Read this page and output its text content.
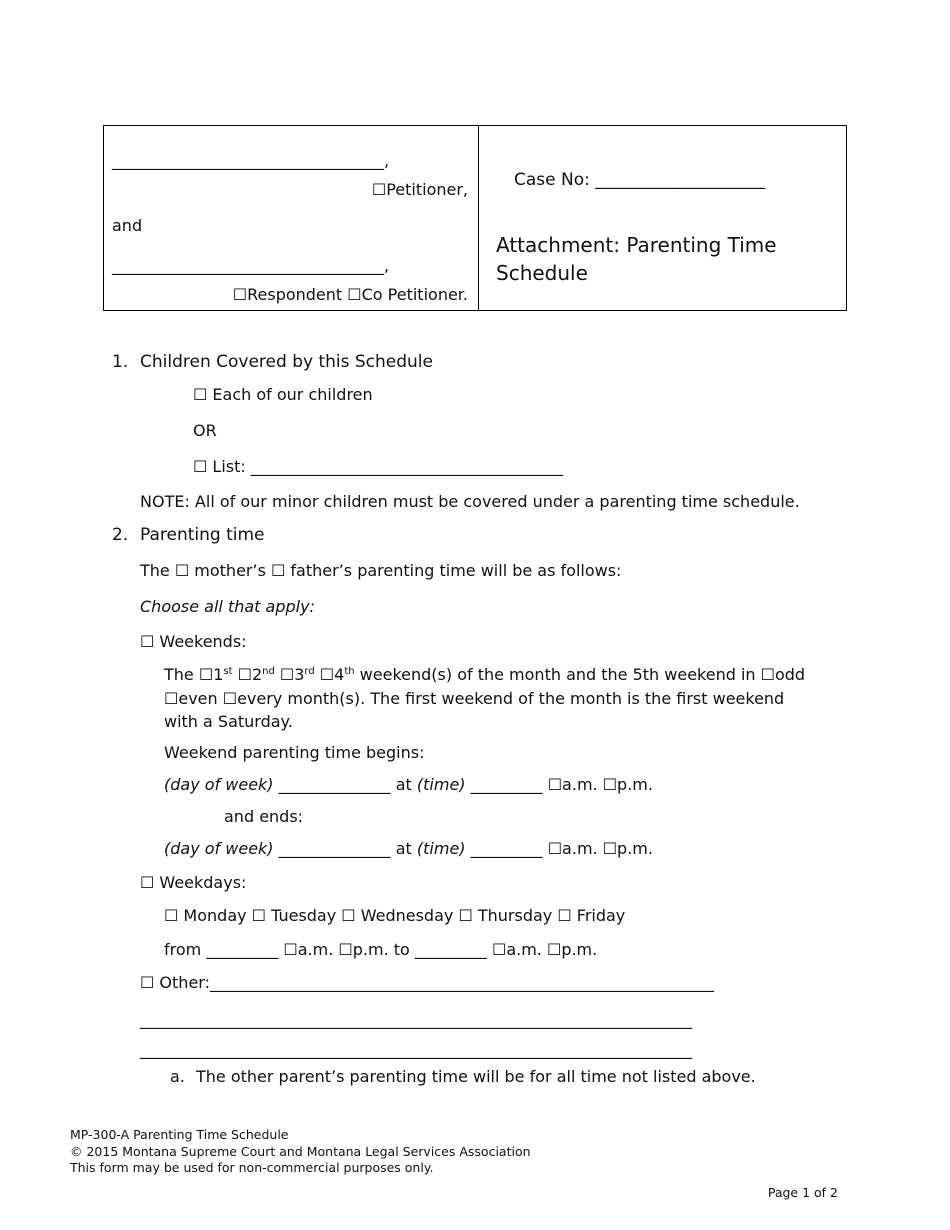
__________________________________,
☐Petitioner,
and
__________________________________,
☐Respondent ☐Co Petitioner.
Case No: ____________________
Attachment: Parenting Time
Schedule
1. Children Covered by this Schedule
☐ Each of our children
OR
☐ List: _______________________________________
NOTE: All of our minor children must be covered under a parenting time schedule.
2. Parenting time
The ☐ mother’s ☐ father’s parenting time will be as follows:
Choose all that apply:
☐ Weekends:
The ☐1st ☐2nd ☐3rd ☐4th weekend(s) of the month and the 5th weekend in ☐odd
☐even ☐every month(s). The first weekend of the month is the first weekend
with a Saturday.
Weekend parenting time begins:
(day of week) ______________ at (time) _________ ☐a.m. ☐p.m.
and ends:
(day of week) ______________ at (time) _________ ☐a.m. ☐p.m.
☐ Weekdays:
☐ Monday ☐ Tuesday ☐ Wednesday ☐ Thursday ☐ Friday
from _________ ☐a.m. ☐p.m. to _________ ☐a.m. ☐p.m.
☐ Other:_______________________________________________________________
_____________________________________________________________________
_____________________________________________________________________
a. The other parent’s parenting time will be for all time not listed above.
MP-300-A Parenting Time Schedule
© 2015 Montana Supreme Court and Montana Legal Services Association
This form may be used for non-commercial purposes only.
Page 1 of 2
